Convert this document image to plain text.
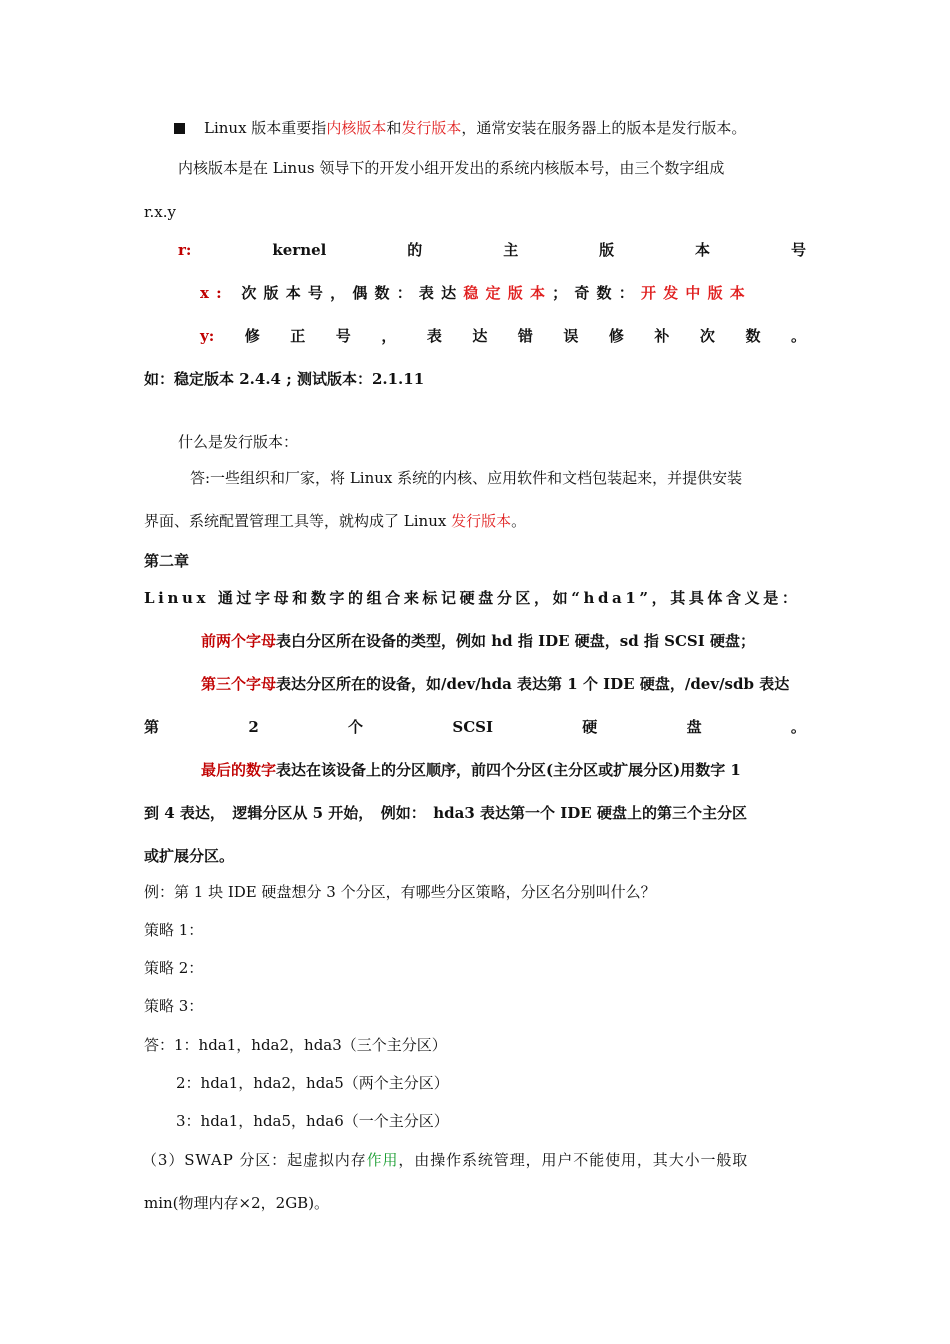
Linux 版本重要指内核版本和发行版本，通常安装在服务器上的版本是发行版本。
内核版本是在 Linus 领导下的开发小组开发出的系统内核版本号，由三个数字组成
r.x.y
r:	kernel	的	主	版	本	号
x: 次版本号，偶数：表达稳定版本；奇数：开发中版本
y: 修 正 号 ， 表 达 错 误 修 补 次 数 。
如：稳定版本 2.4.4 ; 测试版本：2.1.11
什么是发行版本：
答:一些组织和厂家，将 Linux 系统的内核、应用软件和文档包装起来，并提供安装
界面、系统配置管理工具等，就构成了 Linux 发行版本。
第二章
Linux 通过字母和数字的组合来标记硬盘分区，如“hda1”，其具体含义是：
前两个字母表白分区所在设备的类型，例如 hd 指 IDE 硬盘，sd 指 SCSI 硬盘；
第三个字母表达分区所在的设备，如/dev/hda 表达第 1 个 IDE 硬盘，/dev/sdb 表达
第	2	个	SCSI	硬	盘	。
最后的数字表达在该设备上的分区顺序，前四个分区(主分区或扩展分区)用数字 1
到 4 表达，　逻辑分区从 5 开始，　例如：　hda3 表达第一个 IDE 硬盘上的第三个主分区
或扩展分区。
例：第 1 块 IDE 硬盘想分 3 个分区，有哪些分区策略，分区名分别叫什么？
策略 1：
策略 2：
策略 3：
答：1：hda1，hda2，hda3（三个主分区）
2：hda1，hda2，hda5（两个主分区）
3：hda1，hda5，hda6（一个主分区）
（3）SWAP 分区：起虚拟内存作用，由操作系统管理，用户不能使用，其大小一般取
min(物理内存×2，2GB)。
